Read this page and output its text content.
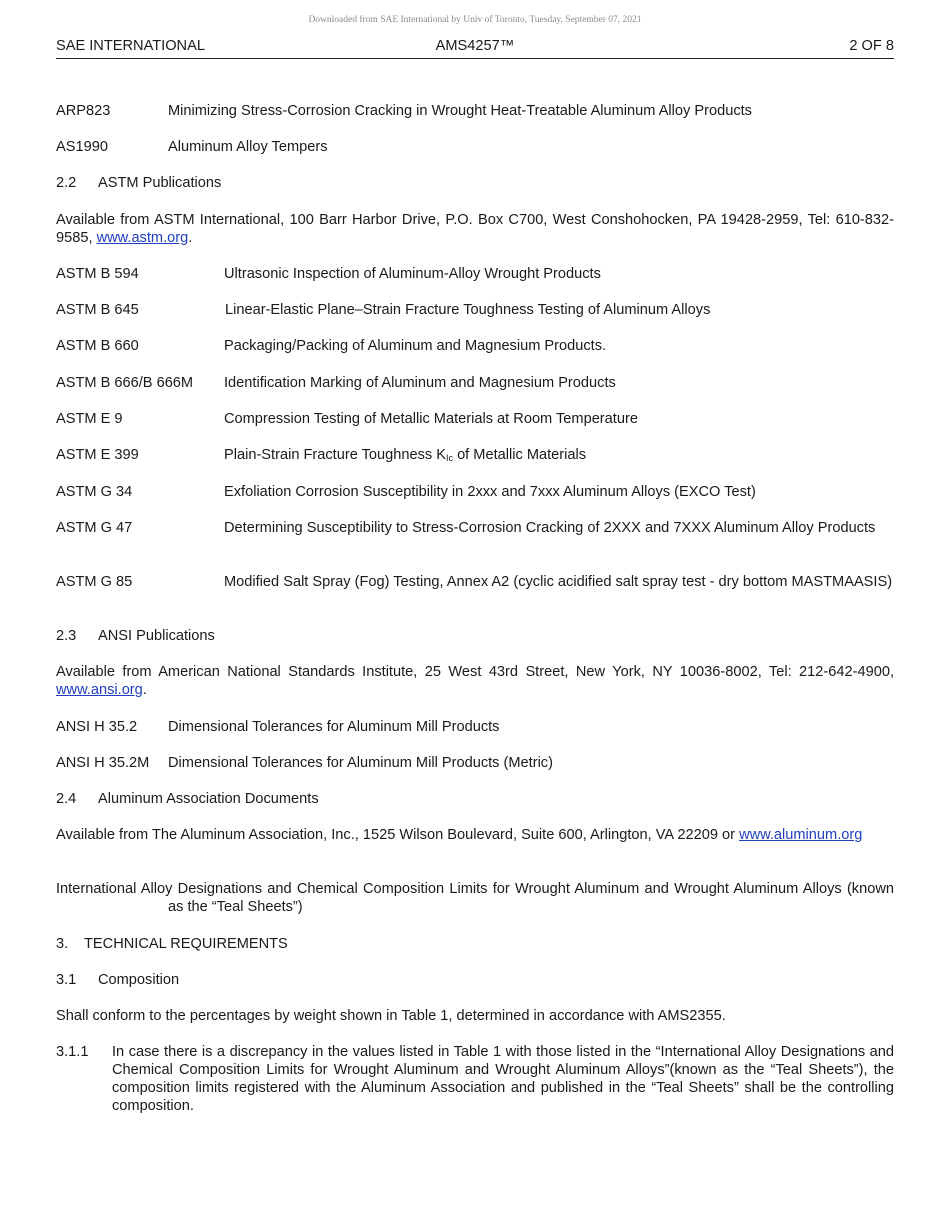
Downloaded from SAE International by Univ of Toronto, Tuesday, September 07, 2021
SAE INTERNATIONAL	AMS4257™	2 OF 8
ARP823	Minimizing Stress-Corrosion Cracking in Wrought Heat-Treatable Aluminum Alloy Products
AS1990	Aluminum Alloy Tempers
2.2 ASTM Publications
Available from ASTM International, 100 Barr Harbor Drive, P.O. Box C700, West Conshohocken, PA 19428-2959, Tel: 610-832-9585, www.astm.org.
ASTM B 594	Ultrasonic Inspection of Aluminum-Alloy Wrought Products
ASTM B 645	Linear-Elastic Plane–Strain Fracture Toughness Testing of Aluminum Alloys
ASTM B 660	Packaging/Packing of Aluminum and Magnesium Products.
ASTM B 666/B 666M Identification Marking of Aluminum and Magnesium Products
ASTM E 9	Compression Testing of Metallic Materials at Room Temperature
ASTM E 399	Plain-Strain Fracture Toughness $K_{Ic}$ of Metallic Materials
ASTM G 34	Exfoliation Corrosion Susceptibility in 2xxx and 7xxx Aluminum Alloys (EXCO Test)
ASTM G 47	Determining Susceptibility to Stress-Corrosion Cracking of 2XXX and 7XXX Aluminum Alloy Products
ASTM G 85	Modified Salt Spray (Fog) Testing, Annex A2 (cyclic acidified salt spray test - dry bottom MASTMAASIS)
2.3 ANSI Publications
Available from American National Standards Institute, 25 West 43rd Street, New York, NY 10036-8002, Tel: 212-642-4900, www.ansi.org.
ANSI H 35.2 Dimensional Tolerances for Aluminum Mill Products
ANSI H 35.2M Dimensional Tolerances for Aluminum Mill Products (Metric)
2.4 Aluminum Association Documents
Available from The Aluminum Association, Inc., 1525 Wilson Boulevard, Suite 600, Arlington, VA 22209 or www.aluminum.org
International Alloy Designations and Chemical Composition Limits for Wrought Aluminum and Wrought Aluminum Alloys (known as the “Teal Sheets”)
3. TECHNICAL REQUIREMENTS
3.1 Composition
Shall conform to the percentages by weight shown in Table 1, determined in accordance with AMS2355.
3.1.1 In case there is a discrepancy in the values listed in Table 1 with those listed in the “International Alloy Designations and Chemical Composition Limits for Wrought Aluminum and Wrought Aluminum Alloys”(known as the “Teal Sheets”), the composition limits registered with the Aluminum Association and published in the “Teal Sheets” shall be the controlling composition.
